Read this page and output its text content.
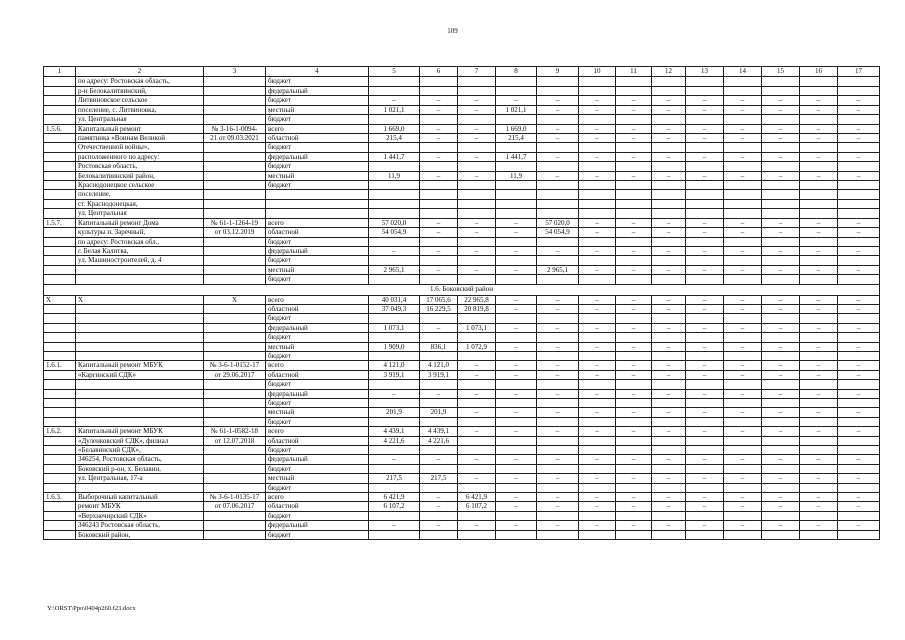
109
1	2	3	4	5	6	7	8	9	10	11	12	13	14	15	16	17
	по адресу: Ростовская область,		бюджет													
	р-н Белокалитвинский,		федеральный													
	Литвиновское сельское		бюджет	–	–	–	–	–	–	–	–	–	–	–	–	–
	поселение, с. Литвиновка,		местный	1 021,1	–	–	1 021,1	–	–	–	–	–	–	–	–	–
	ул. Центральная		бюджет													
1.5.6.	Капитальный ремонт	№ 3-16-1-0094-	всего	1 669,0	–	–	1 669,0	–	–	–	–	–	–	–	–	–
	памятника «Воинам Великой	21 от 09.03.2021	областной	215,4	–	–	215,4	–	–	–	–	–	–	–	–	–
	Отечественной войны»,		бюджет													
	расположенного по адресу:		федеральный	1 441,7	–	–	1 441,7	–	–	–	–	–	–	–	–	–
	Ростовская область,		бюджет													
	Белокалитвинский район,		местный	11,9	–	–	11,9	–	–	–	–	–	–	–	–	–
	Краснодонецкое сельское		бюджет													
	поселение,															
	ст. Краснодонецкая,															
	ул. Центральная															
1.5.7.	Капитальный ремонт Дома	№ 61-1-1264-19	всего	57 020,0	–	–	–	57 020,0	–	–	–	–	–	–	–	–
	культуры п. Заречный,	от 03.12.2019	областной	54 054,9	–	–	–	54 054,9	–	–	–	–	–	–	–	–
	по адресу: Ростовская обл.,		бюджет													
	г. Белая Калитва,		федеральный	–	–	–	–	–	–	–	–	–	–	–	–	–
	ул. Машиностроителей, д. 4		бюджет													
			местный	2 965,1	–	–	–	2 965,1	–	–	–	–	–	–	–	–
			бюджет													
1.6. Боковский район																
Х	Х	Х	всего	40 031,4	17 065,6	22 965,8	–	–	–	–	–	–	–	–	–	–
			областной	37 049,3	16 229,5	20 819,8	–	–	–	–	–	–	–	–	–	–
			бюджет													
			федеральный	1 073,1	–	1 073,1	–	–	–	–	–	–	–	–	–	–
			бюджет													
			местный	1 909,0	836,1	1 072,9	–	–	–	–	–	–	–	–	–	–
			бюджет													
1.6.1.	Капитальный ремонт МБУК	№ 3-6-1-0152-17	всего	4 121,0	4 121,0	–	–	–	–	–	–	–	–	–	–	–
	«Каргинский СДК»	от 29.06.2017	областной	3 919,1	3 919,1	–	–	–	–	–	–	–	–	–	–	–
			бюджет													
			федеральный	–	–	–	–	–	–	–	–	–	–	–	–	–
			бюджет													
			местный	201,9	201,9	–	–	–	–	–	–	–	–	–	–	–
			бюджет													
1.6.2.	Капитальный ремонт МБУК	№ 61-1-0582-18	всего	4 439,1	4 439,1	–	–	–	–	–	–	–	–	–	–	–
	«Дуленковский СДК», филиал	от 12.07.2018	областной	4 221,6	4 221,6											
	«Белавинский СДК»,		бюджет													
	346254, Ростовская область,		федеральный	–	–	–	–	–	–	–	–	–	–	–	–	–
	Боковский р-он, х. Белавин,		бюджет													
	ул. Центральная, 17-а		местный	217,5	217,5	–	–	–	–	–	–	–	–	–	–	–
			бюджет													
1.6.3.	Выборочный капитальный	№ 3-6-1-0135-17	всего	6 421,9	–	6 421,9	–	–	–	–	–	–	–	–	–	–
	ремонт МБУК	от 07.06.2017	областной	6 107,2	–	6 107,2	–	–	–	–	–	–	–	–	–	–
	«Верхнечирский СДК»		бюджет													
	346243 Ростовская область,		федеральный	–	–	–	–	–	–	–	–	–	–	–	–	–
	Боковский район,		бюджет													
Y:\ORST\Ppo\0404p260.f23.docx
